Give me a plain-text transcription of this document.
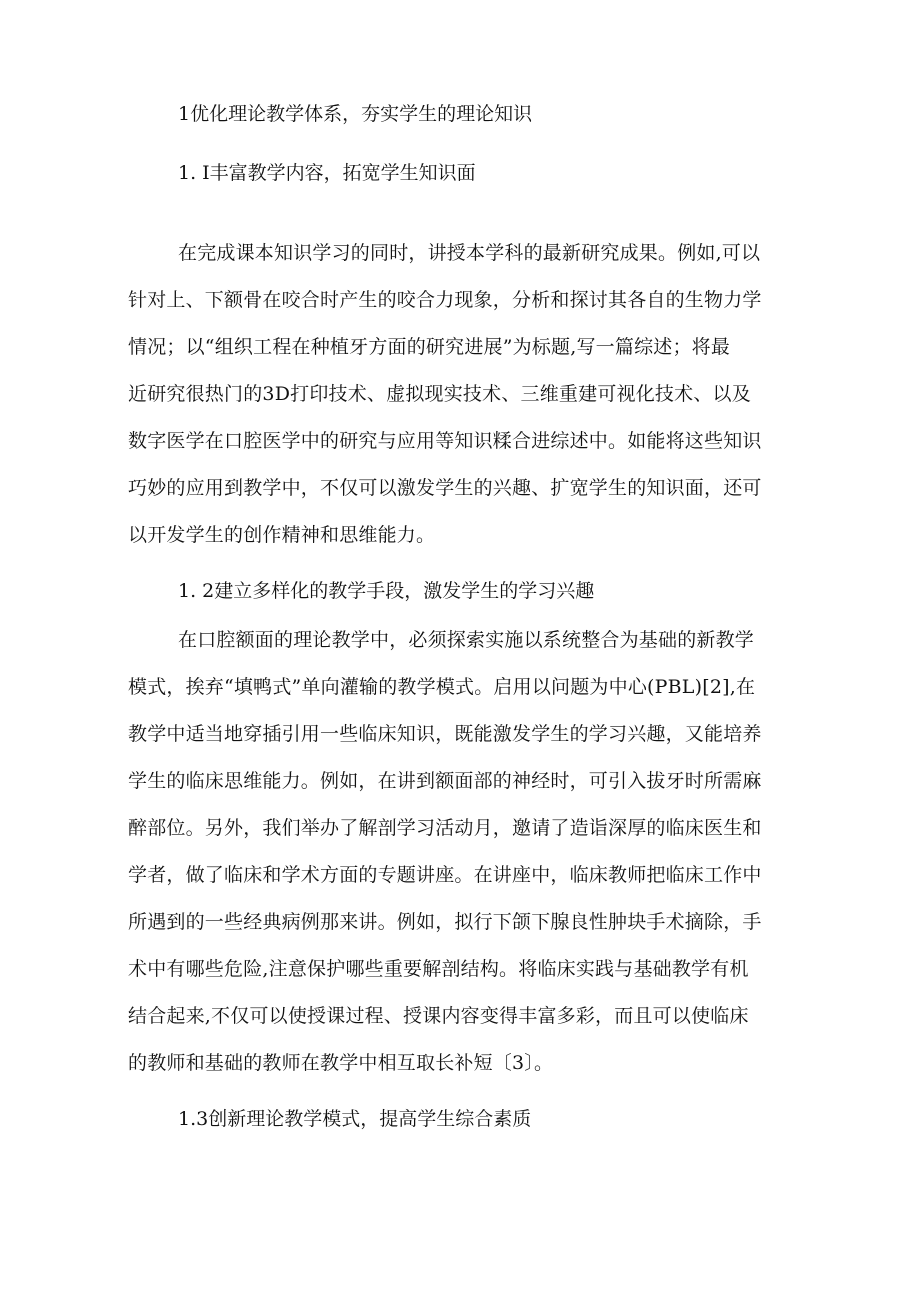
1优化理论教学体系，夯实学生的理论知识

1. I丰富教学内容，拓宽学生知识面

在完成课本知识学习的同时，讲授本学科的最新研究成果。例如,可以

针对上、下额骨在咬合时产生的咬合力现象，分析和探讨其各自的生物力学

情况；以“组织工程在种植牙方面的研究进展”为标题,写一篇综述；将最

近研究很热门的3D打印技术、虚拟现实技术、三维重建可视化技术、以及

数字医学在口腔医学中的研究与应用等知识糅合进综述中。如能将这些知识

巧妙的应用到教学中，不仅可以激发学生的兴趣、扩宽学生的知识面，还可

以开发学生的创作精神和思维能力。

1. 2建立多样化的教学手段，激发学生的学习兴趣

在口腔额面的理论教学中，必须探索实施以系统整合为基础的新教学

模式，挨弃“填鸭式”单向灌输的教学模式。启用以问题为中心(PBL)[2],在

教学中适当地穿插引用一些临床知识，既能激发学生的学习兴趣，又能培养

学生的临床思维能力。例如，在讲到额面部的神经时，可引入拔牙时所需麻

醉部位。另外，我们举办了解剖学习活动月，邀请了造诣深厚的临床医生和

学者，做了临床和学术方面的专题讲座。在讲座中，临床教师把临床工作中

所遇到的一些经典病例那来讲。例如，拟行下颌下腺良性肿块手术摘除，手

术中有哪些危险,注意保护哪些重要解剖结构。将临床实践与基础教学有机

结合起来,不仅可以使授课过程、授课内容变得丰富多彩，而且可以使临床

的教师和基础的教师在教学中相互取长补短〔3〕。

1.3创新理论教学模式，提高学生综合素质
